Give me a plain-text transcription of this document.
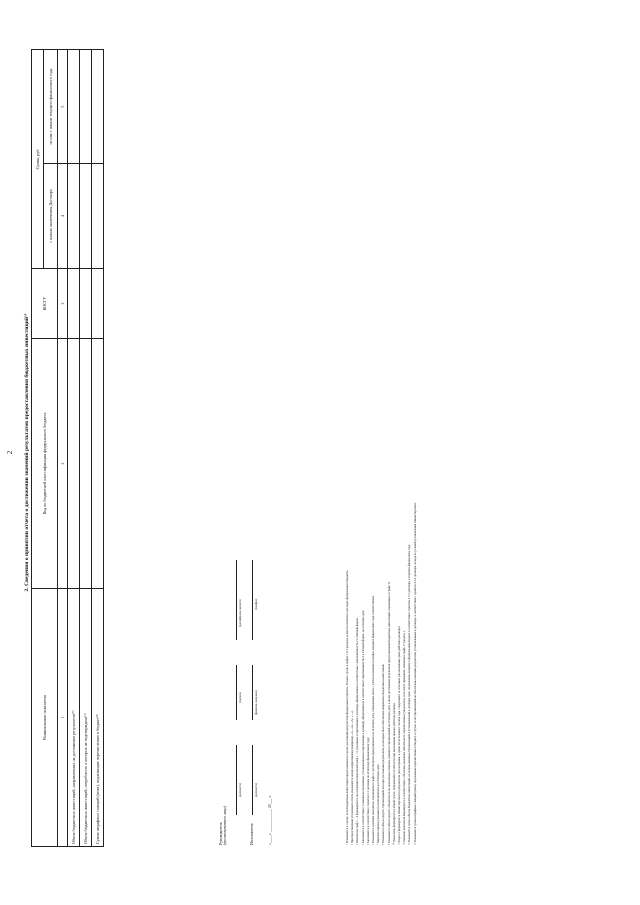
2 2. Сведения о принятии отчета о достижении значений результатов предоставления бюджетных инвестиций¹⁾
Наименование показателя	Код по бюджетной классификации федерального бюджета	КОСГУ	Сумма, руб.	
			с начала заключения Договора	из них с начала текущего финансового года

1	2	3	4	5
Объем бюджетных инвестиций, направленных на достижение результатов¹⁰⁾				
Объем бюджетных инвестиций, потребность в которых не подтверждена¹¹⁾				
Сумма штрафных санкций (пени), подлежащих перечислению в бюджет¹²⁾					Руководитель (уполномоченное лицо)

(должность)

(подпись)

(расшифровка подписи)
Исполнитель

(должность)

(фамилия, инициалы)

(телефон)
«____» ____________ 20___ г.	¹ Указывается в случае, если Бюджетные инвестиции предоставляются в целях достижения результатов федерального проекта. В ином случае в графах 1 и 5 разделы делаются пометки о расходах федерального бюджета. ² При представлении уточненного отчета указывается номер корректировки (например, «1», «2», «3», «...»). ³ Показатели граф 1 – 4 формируются на основании показателей граф 1 – 5, указанных в приложении к договору, оформленном в соответствии с приложением № 2 к Типовой форме. ⁴ Заполняется в соответствии с плановыми значениями, установленными в приложении к договору, оформленному в соответствии с приложением № 2 к Типовой форме, на отчетную дату. ⁵ Заполняется в соответствии с пунктом 2.1 договора по отчетному финансовому году. ⁶ Указывается значение показателя, отраженное в графе 5, достигнутое (предложенное) на отчетную дату, отражающее итоги с учетом изменения в графах текущего финансового года соответственно. ⁷ Перечень причин указывается исполнителем на отчетную дату. ⁸ Указывается объем средств, Организацией или при достижении результатов, на которые было обеспечено направлено бюджетных инвестиций. ⁹ Указывается объем средств, обязательств по понесенным затратам, принятых Организацией на отчетную дату, в целях достижения результатов предоставления бюджетных инвестиций, отраженных в графе 11. ¹⁰ Показатель формируется в общей сумме, отраженной в отчетности при выполнении правил действия договора. ¹¹ Раздел 2 формируется Министерством по результатам рассмотрения, в сроки по истечении 1 месяца года, следующего за отчетным (по окончании срока действия договора). ¹² Значение показателя формируется в соответствии с объемами денежных обязательств, перечисленных (уведомлен), и не могут превышать значения в графе 17 раздела 1. ¹³ Указывается сумма объема бюджетных инвестиций, не использованных Организацией в установленный в договоре срок, подлежащих возврату в федеральный бюджет в соответствии с пунктом 4.3.3 договора, в текущем финансовом году. ¹⁴ Указывается сумма штрафных санкций (пени), подлежащих перечислению в бюджет, в случае, если Организацией не обеспечены значения результатов, установленные в договоре, в соответствии с пунктом 4.3.4 договора, исходя из условий установления Министерством.
